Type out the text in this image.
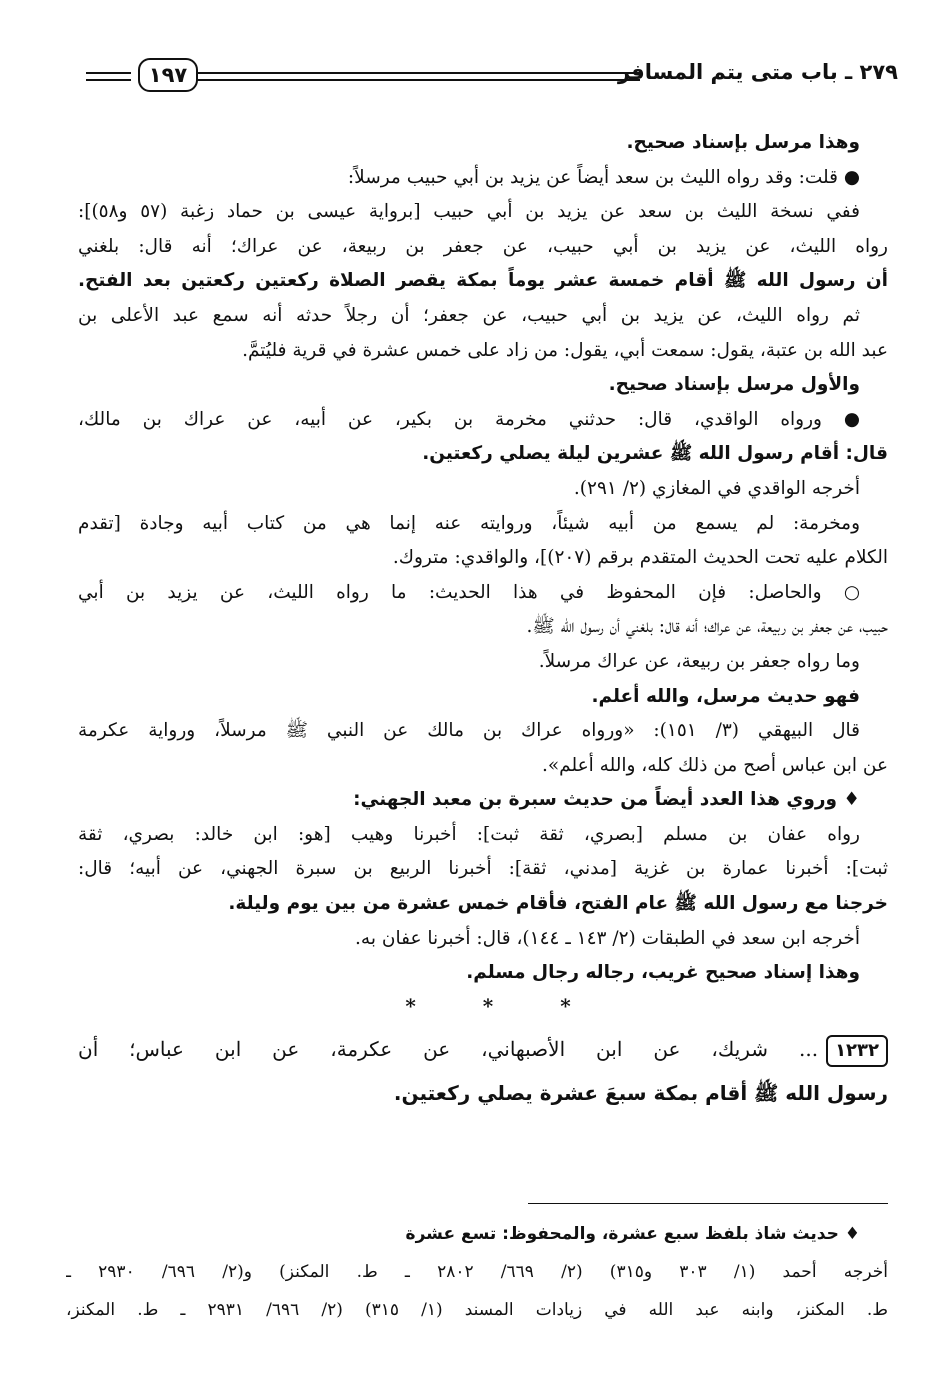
٢٧٩ ـ باب متى يتم المسافر
١٩٧
وهذا مرسل بإسناد صحيح.
● قلت: وقد رواه الليث بن سعد أيضاً عن يزيد بن أبي حبيب مرسلاً:
ففي نسخة الليث بن سعد عن يزيد بن أبي حبيب [برواية عيسى بن حماد زغبة (٥٧ و٥٨)]:
رواه الليث، عن يزيد بن أبي حبيب، عن جعفر بن ربيعة، عن عراك؛ أنه قال: بلغني
أن رسول الله ﷺ أقام خمسة عشر يوماً بمكة يقصر الصلاة ركعتين ركعتين بعد الفتح.
ثم رواه الليث، عن يزيد بن أبي حبيب، عن جعفر؛ أن رجلاً حدثه أنه سمع عبد الأعلى بن
عبد الله بن عتبة، يقول: سمعت أبي، يقول: من زاد على خمس عشرة في قرية فليُتمَّ.
والأول مرسل بإسناد صحيح.
● ورواه الواقدي، قال: حدثني مخرمة بن بكير، عن أبيه، عن عراك بن مالك،
قال: أقام رسول الله ﷺ عشرين ليلة يصلي ركعتين.
أخرجه الواقدي في المغازي (٢/ ٢٩١).
ومخرمة: لم يسمع من أبيه شيئاً، وروايته عنه إنما هي من كتاب أبيه وجادة [تقدم
الكلام عليه تحت الحديث المتقدم برقم (٢٠٧)]، والواقدي: متروك.
○ والحاصل: فإن المحفوظ في هذا الحديث: ما رواه الليث، عن يزيد بن أبي
حبيب، عن جعفر بن ربيعة، عن عراك؛ أنه قال: بلغني أن رسول الله ﷺ.
وما رواه جعفر بن ربيعة، عن عراك مرسلاً.
فهو حديث مرسل، والله أعلم.
قال البيهقي (٣/ ١٥١): «ورواه عراك بن مالك عن النبي ﷺ مرسلاً، ورواية عكرمة
عن ابن عباس أصح من ذلك كله، والله أعلم».
♦ وروي هذا العدد أيضاً من حديث سبرة بن معبد الجهني:
رواه عفان بن مسلم [بصري، ثقة ثبت]: أخبرنا وهيب [هو: ابن خالد: بصري، ثقة
ثبت]: أخبرنا عمارة بن غزية [مدني، ثقة]: أخبرنا الربيع بن سبرة الجهني، عن أبيه؛ قال:
خرجنا مع رسول الله ﷺ عام الفتح، فأقام خمس عشرة من بين يوم وليلة.
أخرجه ابن سعد في الطبقات (٢/ ١٤٣ ـ ١٤٤)، قال: أخبرنا عفان به.
وهذا إسناد صحيح غريب، رجاله رجال مسلم.
* * *
١٢٣٢... شريك، عن ابن الأصبهاني، عن عكرمة، عن ابن عباس؛ أن
رسول الله ﷺ أقام بمكة سبعَ عشرة يصلي ركعتين.
♦ حديث شاذ بلفظ سبع عشرة، والمحفوظ: تسع عشرة
أخرجه أحمد (١/ ٣٠٣ و٣١٥) (٢/ ٦٦٩/ ٢٨٠٢ ـ ط. المكنز) و(٢/ ٦٩٦/ ٢٩٣٠ ـ
ط. المكنز، وابنه عبد الله في زيادات المسند (١/ ٣١٥) (٢/ ٦٩٦/ ٢٩٣١ ـ ط. المكنز،
